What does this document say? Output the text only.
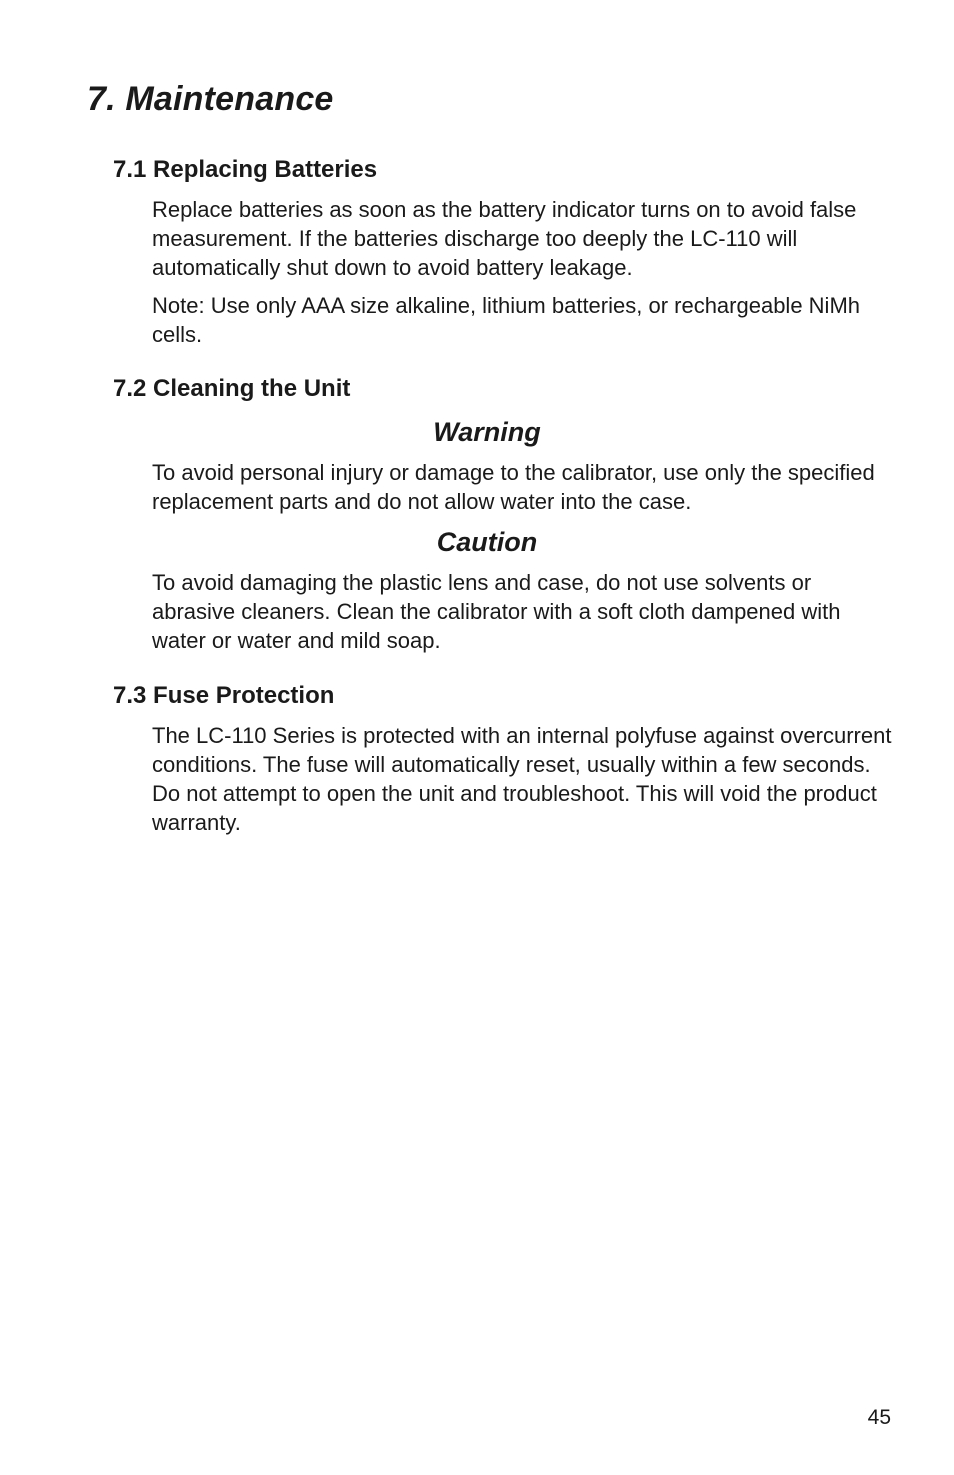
7. Maintenance
7.1 Replacing Batteries

Replace batteries as soon as the battery indicator turns on to avoid false measurement. If the batteries discharge too deeply the LC-110 will automatically shut down to avoid battery leakage.

Note: Use only AAA size alkaline, lithium batteries, or rechargeable NiMh cells.

7.2 Cleaning the Unit
Warning

To avoid personal injury or damage to the calibrator, use only the specified replacement parts and do not allow water into the case.

Caution

To avoid damaging the plastic lens and case, do not use solvents or abrasive cleaners. Clean the calibrator with a soft cloth dampened with water or water and mild soap.

7.3 Fuse Protection

The LC-110 Series is protected with an internal polyfuse against overcurrent conditions. The fuse will automatically reset, usually within a few seconds. Do not attempt to open the unit and troubleshoot. This will void the product warranty.

45
